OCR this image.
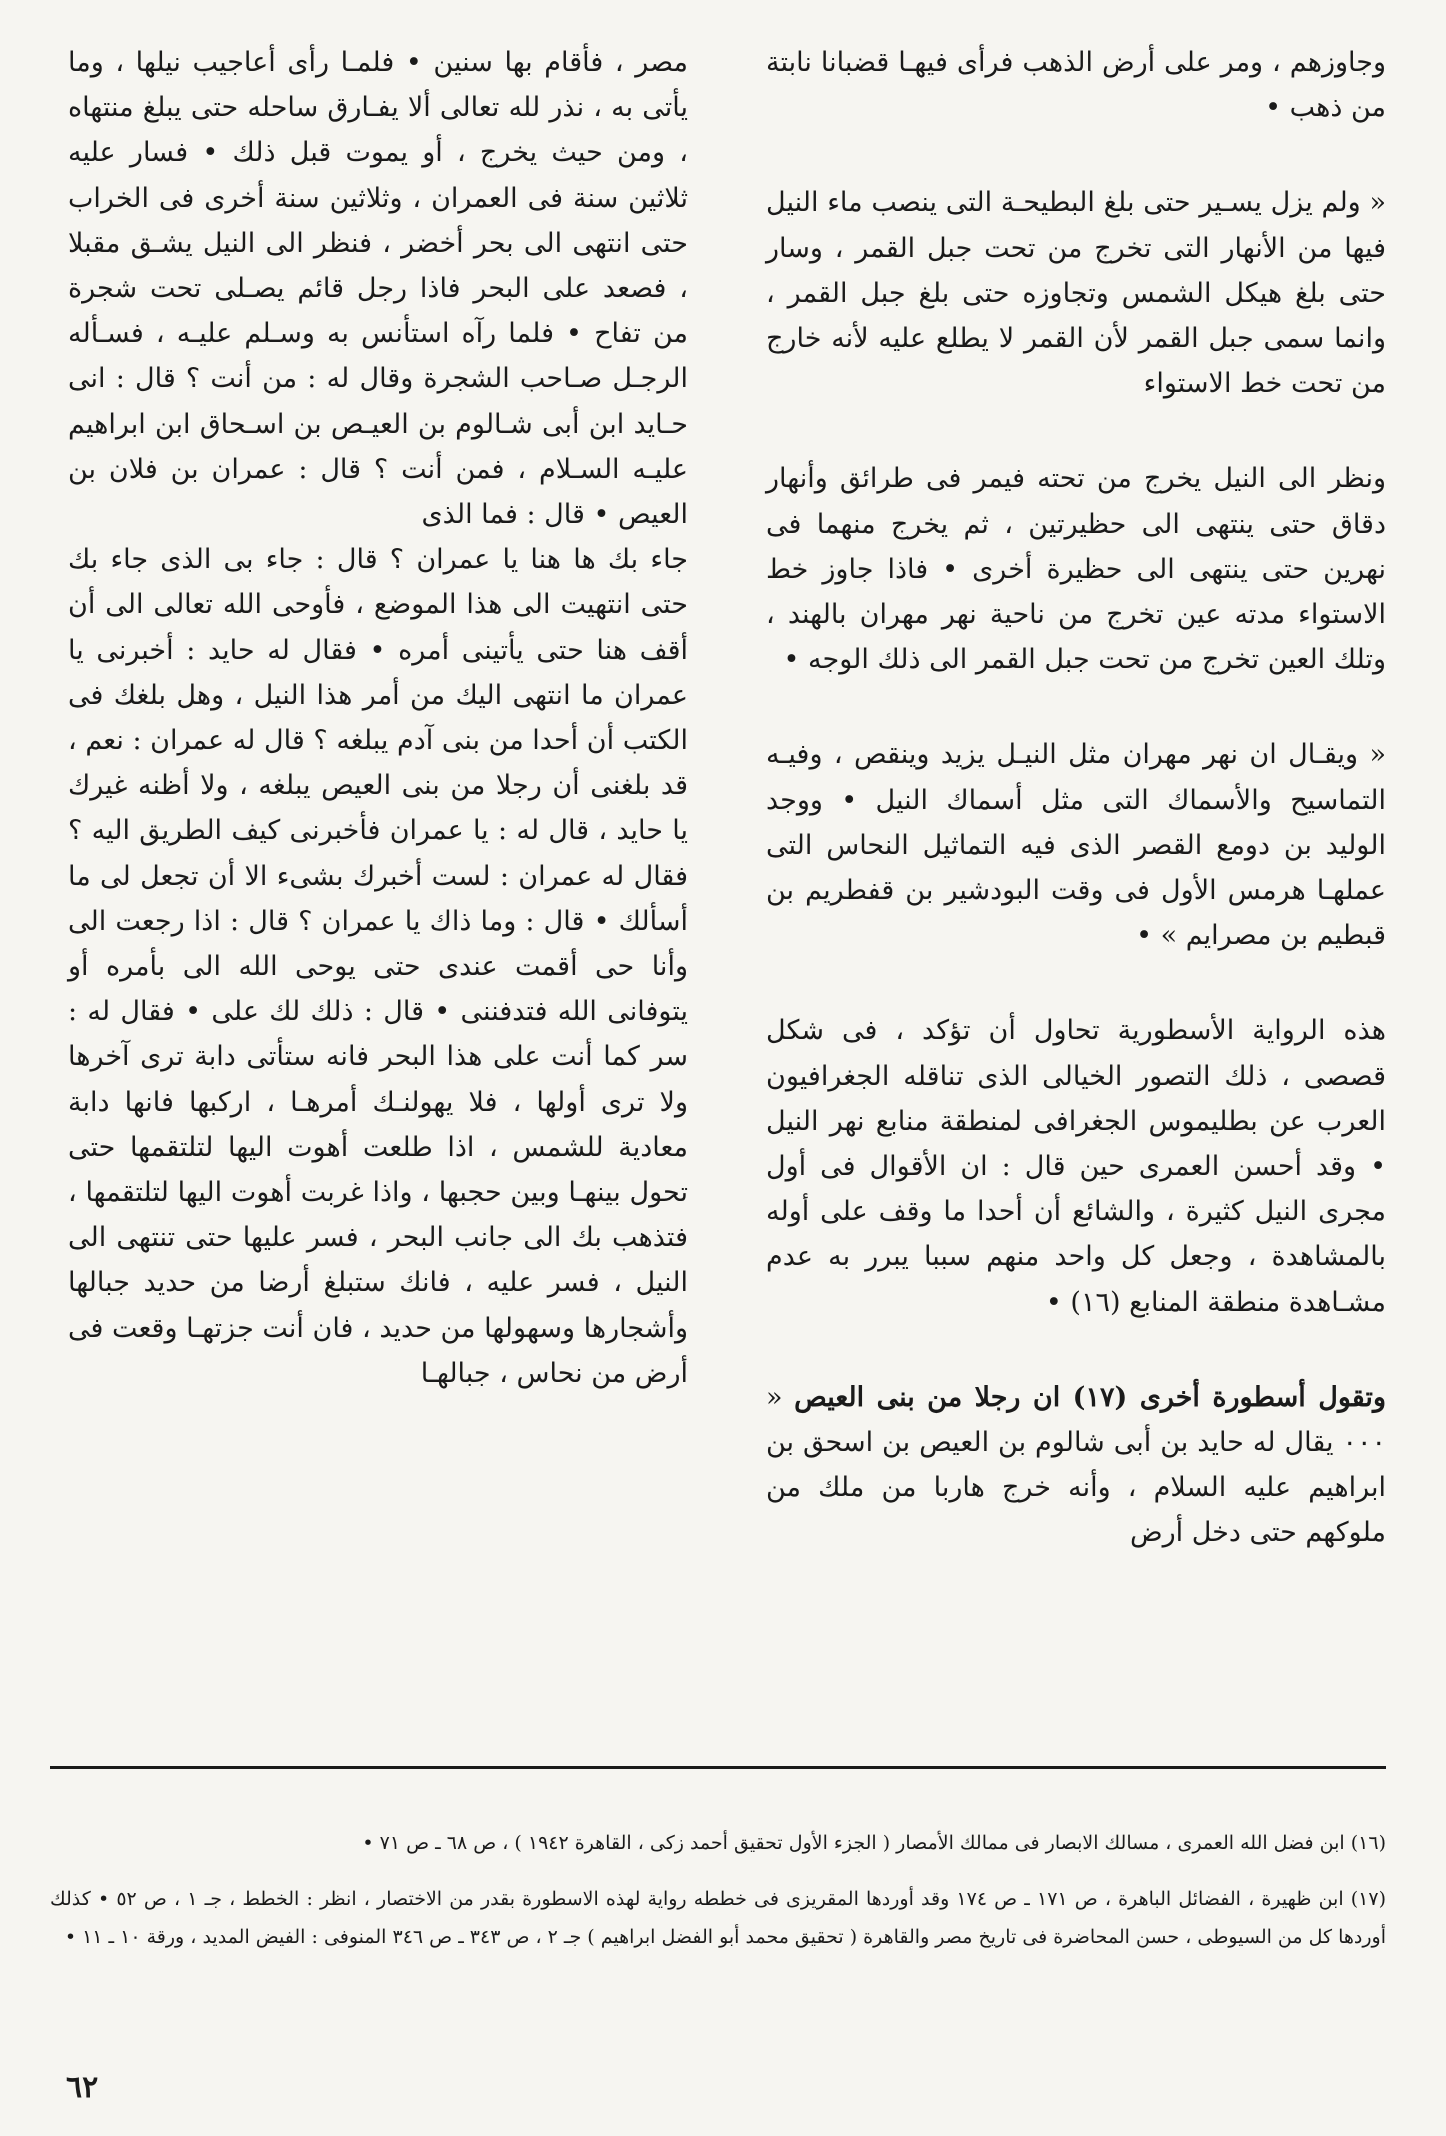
وجاوزهم ، ومر على أرض الذهب فرأى فيهـا قضبانا نابتة من ذهب •

« ولم يزل يسـير حتى بلغ البطيحـة التى ينصب ماء النيل فيها من الأنهار التى تخرج من تحت جبل القمر ، وسار حتى بلغ هيكل الشمس وتجاوزه حتى بلغ جبل القمر ، وانما سمى جبل القمر لأن القمر لا يطلع عليه لأنه خارج من تحت خط الاستواء

ونظر الى النيل يخرج من تحته فيمر فى طرائق وأنهار دقاق حتى ينتهى الى حظيرتين ، ثم يخرج منهما فى نهرين حتى ينتهى الى حظيرة أخرى • فاذا جاوز خط الاستواء مدته عين تخرج من ناحية نهر مهران بالهند ، وتلك العين تخرج من تحت جبل القمر الى ذلك الوجه •

« ويقـال ان نهر مهران مثل النيـل يزيد وينقص ، وفيـه التماسيح والأسماك التى مثل أسماك النيل • ووجد الوليد بن دومع القصر الذى فيه التماثيل النحاس التى عملهـا هرمس الأول فى وقت البودشير بن قفطريم بن قبطيم بن مصرايم » •

هذه الرواية الأسطورية تحاول أن تؤكد ، فى شكل قصصى ، ذلك التصور الخيالى الذى تناقله الجغرافيون العرب عن بطليموس الجغرافى لمنطقة منابع نهر النيل • وقد أحسن العمرى حين قال : ان الأقوال فى أول مجرى النيل كثيرة ، والشائع أن أحدا ما وقف على أوله بالمشاهدة ، وجعل كل واحد منهم سببا يبرر به عدم مشـاهدة منطقة المنابع (١٦) •

وتقول أسطورة أخرى (١٧) ان رجلا من بنى العيص « ٠٠٠ يقال له حايد بن أبى شالوم بن العيص بن اسحق بن ابراهيم عليه السلام ، وأنه خرج هاربا من ملك من ملوكهم حتى دخل أرض

مصر ، فأقام بها سنين • فلمـا رأى أعاجيب نيلها ، وما يأتى به ، نذر لله تعالى ألا يفـارق ساحله حتى يبلغ منتهاه ، ومن حيث يخرج ، أو يموت قبل ذلك • فسار عليه ثلاثين سنة فى العمران ، وثلاثين سنة أخرى فى الخراب حتى انتهى الى بحر أخضر ، فنظر الى النيل يشـق مقبلا ، فصعد على البحر فاذا رجل قائم يصـلى تحت شجرة من تفاح • فلما رآه استأنس به وسـلم عليـه ، فسـأله الرجـل صـاحب الشجرة وقال له : من أنت ؟ قال : انى حـايد ابن أبى شـالوم بن العيـص بن اسـحاق ابن ابراهيم عليـه السـلام ، فمن أنت ؟ قال : عمران بن فلان بن العيص • قال : فما الذى

جاء بك ها هنا يا عمران ؟ قال : جاء بى الذى جاء بك حتى انتهيت الى هذا الموضع ، فأوحى الله تعالى الى أن أقف هنا حتى يأتينى أمره • فقال له حايد : أخبرنى يا عمران ما انتهى اليك من أمر هذا النيل ، وهل بلغك فى الكتب أن أحدا من بنى آدم يبلغه ؟ قال له عمران : نعم ، قد بلغنى أن رجلا من بنى العيص يبلغه ، ولا أظنه غيرك يا حايد ، قال له : يا عمران فأخبرنى كيف الطريق اليه ؟ فقال له عمران : لست أخبرك بشىء الا أن تجعل لى ما أسألك • قال : وما ذاك يا عمران ؟ قال : اذا رجعت الى وأنا حى أقمت عندى حتى يوحى الله الى بأمره أو يتوفانى الله فتدفننى • قال : ذلك لك على • فقال له : سر كما أنت على هذا البحر فانه ستأتى دابة ترى آخرها ولا ترى أولها ، فلا يهولنـك أمرهـا ، اركبها فانها دابة معادية للشمس ، اذا طلعت أهوت اليها لتلتقمها حتى تحول بينهـا وبين حجبها ، واذا غربت أهوت اليها لتلتقمها ، فتذهب بك الى جانب البحر ، فسر عليها حتى تنتهى الى النيل ، فسر عليه ، فانك ستبلغ أرضا من حديد جبالها وأشجارها وسهولها من حديد ، فان أنت جزتهـا وقعت فى أرض من نحاس ، جبالهـا

(١٦) ابن فضل الله العمرى ، مسالك الابصار فى ممالك الأمصار ( الجزء الأول تحقيق أحمد زكى ، القاهرة ١٩٤٢ ) ، ص ٦٨ ـ ص ٧١ •

(١٧) ابن ظهيرة ، الفضائل الباهرة ، ص ١٧١ ـ ص ١٧٤ وقد أوردها المقريزى فى خططه رواية لهذه الاسطورة بقدر من الاختصار ، انظر : الخطط ، جـ ١ ، ص ٥٢ • كذلك أوردها كل من السيوطى ، حسن المحاضرة فى تاريخ مصر والقاهرة ( تحقيق محمد أبو الفضل ابراهيم ) جـ ٢ ، ص ٣٤٣ ـ ص ٣٤٦ المنوفى : الفيض المديد ، ورقة ١٠ ـ ١١ •

٦٢
